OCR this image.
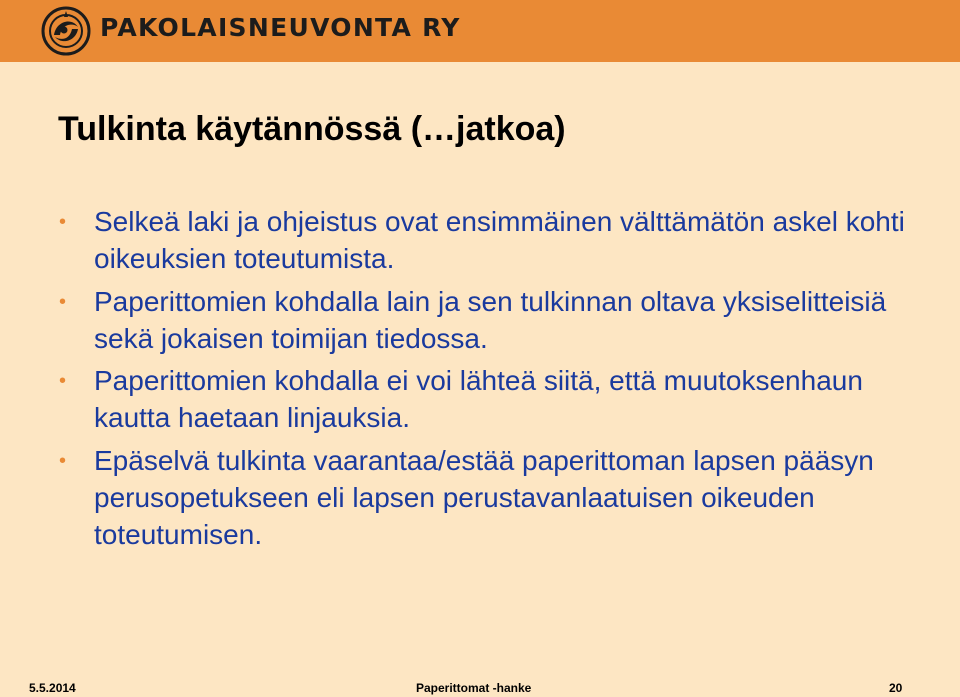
PAKOLAISNEUVONTA RY
Tulkinta käytännössä (…jatkoa)
• Selkeä laki ja ohjeistus ovat ensimmäinen välttämätön askel kohti oikeuksien toteutumista.
• Paperittomien kohdalla lain ja sen tulkinnan oltava yksiselitteisiä sekä jokaisen toimijan tiedossa.
• Paperittomien kohdalla ei voi lähteä siitä, että muutoksenhaun kautta haetaan linjauksia.
• Epäselvä tulkinta vaarantaa/estää paperittoman lapsen pääsyn perusopetukseen eli lapsen perustavanlaatuisen oikeuden toteutumisen.
5.5.2014	Paperittomat -hanke	20
